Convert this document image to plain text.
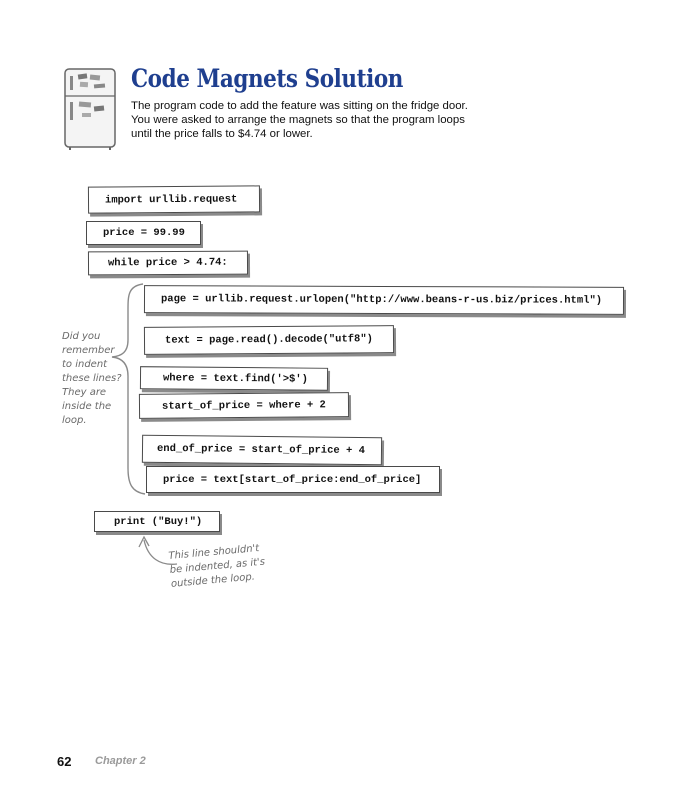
Code Magnets Solution
The program code to add the feature was sitting on the fridge door.
You were asked to arrange the magnets so that the program loops
until the price falls to $4.74 or lower.
import urllib.request
price = 99.99
while price > 4.74:
page = urllib.request.urlopen("http://www.beans-r-us.biz/prices.html")
text = page.read().decode("utf8")
where = text.find('>$')
start_of_price = where + 2
end_of_price = start_of_price + 4
price = text[start_of_price:end_of_price]
print ("Buy!")
Did you
remember
to indent
these lines?
They are
inside the
loop.
This line shouldn't
be indented, as it's
outside the loop.
62 Chapter 2
